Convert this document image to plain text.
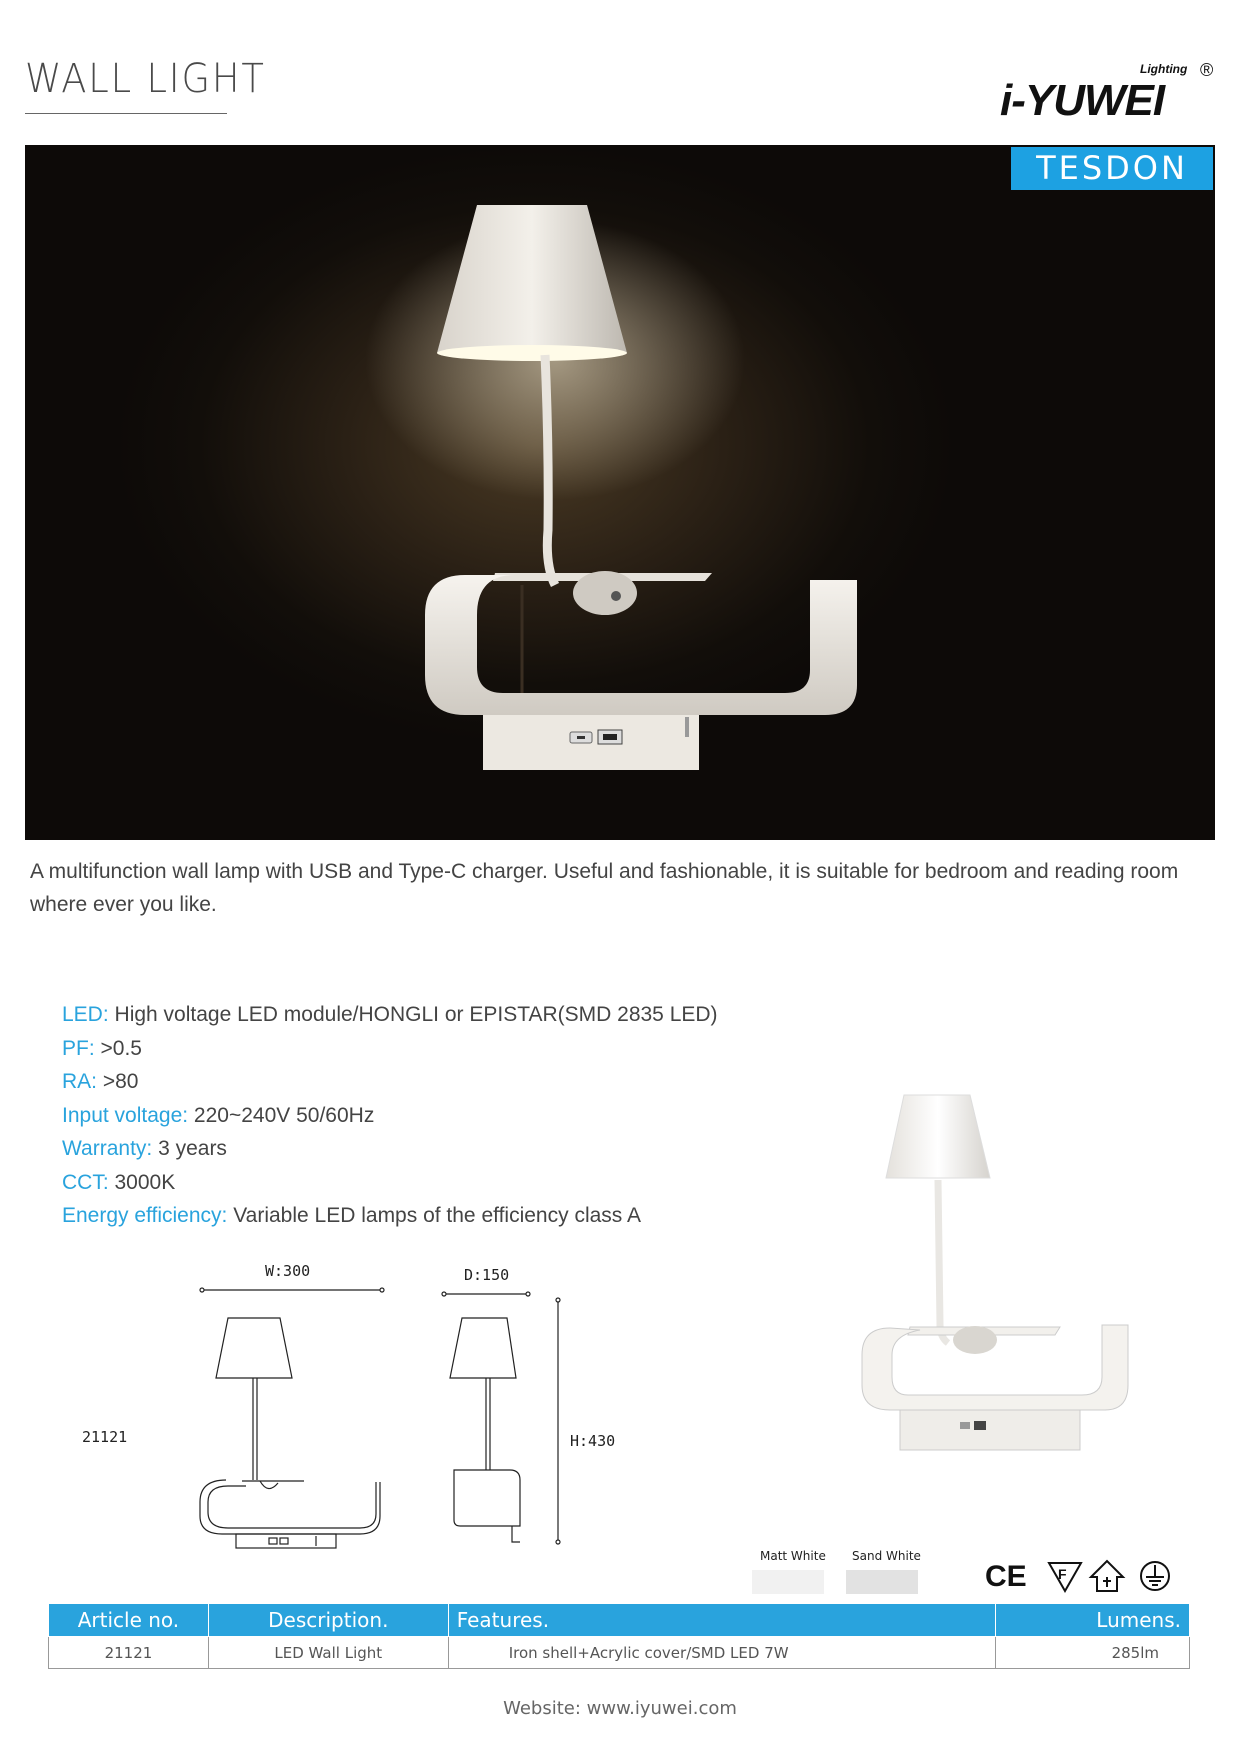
WALL LIGHT	i-YUWEI
Lighting ®
TESDON
A multifunction wall lamp with USB and Type-C charger. Useful and fashionable, it is suitable for bedroom and reading room where ever you like.
LED: High voltage LED module/HONGLI or EPISTAR(SMD 2835 LED)
PF: >0.5
RA: >80
Input voltage: 220~240V 50/60Hz
Warranty: 3 years
CCT: 3000K
Energy efficiency: Variable LED lamps of the efficiency class A
21121
W:300	D:150
H:430
Matt White Sand White
CE F
Article no.	Description.	Features.	Lumens.
21121	LED Wall Light	Iron shell+Acrylic cover/SMD LED 7W	285lm
Website: www.iyuwei.com
